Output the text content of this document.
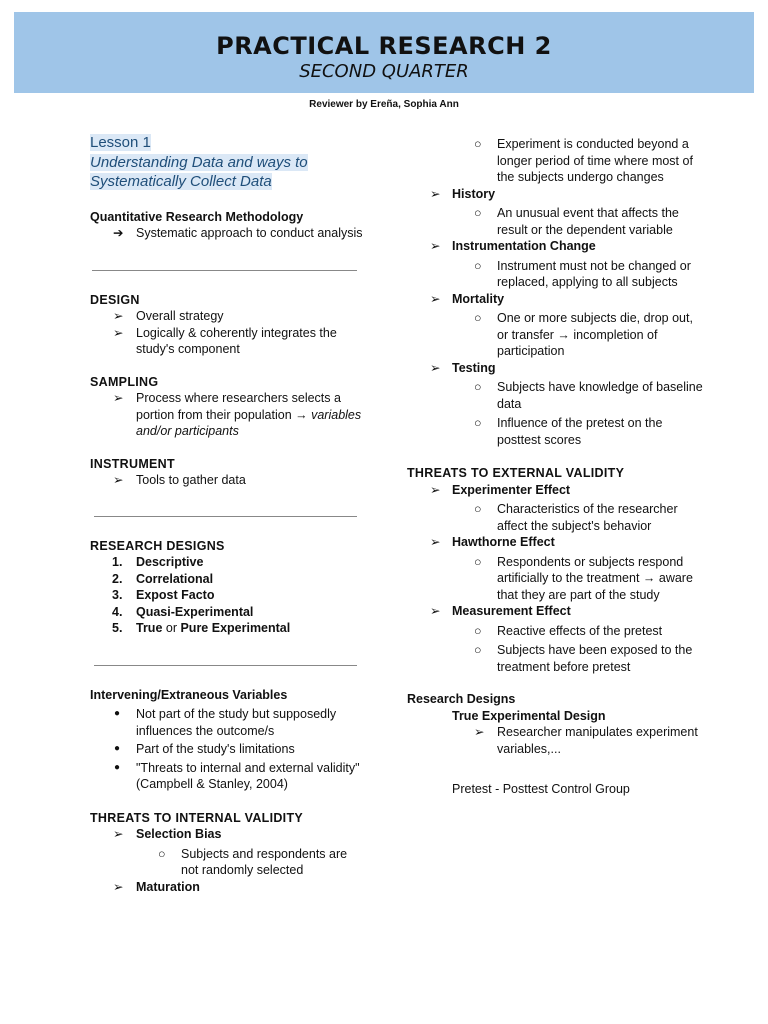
PRACTICAL RESEARCH 2
SECOND QUARTER
Reviewer by Ereña, Sophia Ann
Lesson 1
Understanding Data and ways to
Systematically Collect Data
Quantitative Research Methodology
➔ Systematic approach to conduct analysis
DESIGN
➢ Overall strategy
➢ Logically & coherently integrates the study's component
SAMPLING
➢ Process where researchers selects a portion from their population → variables and/or participants
INSTRUMENT
➢ Tools to gather data
RESEARCH DESIGNS
1. Descriptive
2. Correlational
3. Expost Facto
4. Quasi-Experimental
5. True or Pure Experimental
Intervening/Extraneous Variables
● Not part of the study but supposedly influences the outcome/s
● Part of the study's limitations
● "Threats to internal and external validity"
(Campbell & Stanley, 2004)
THREATS TO INTERNAL VALIDITY
➢ Selection Bias
○ Subjects and respondents are not randomly selected
➢ Maturation
○ Experiment is conducted beyond a longer period of time where most of the subjects undergo changes
➢ History
○ An unusual event that affects the result or the dependent variable
➢ Instrumentation Change
○ Instrument must not be changed or replaced, applying to all subjects
➢ Mortality
○ One or more subjects die, drop out, or transfer → incompletion of participation
➢ Testing
○ Subjects have knowledge of baseline data
○ Influence of the pretest on the posttest scores
THREATS TO EXTERNAL VALIDITY
➢ Experimenter Effect
○ Characteristics of the researcher affect the subject's behavior
➢ Hawthorne Effect
○ Respondents or subjects respond artificially to the treatment → aware that they are part of the study
➢ Measurement Effect
○ Reactive effects of the pretest
○ Subjects have been exposed to the treatment before pretest
Research Designs
True Experimental Design
➢ Researcher manipulates experiment variables,...
Pretest - Posttest Control Group
